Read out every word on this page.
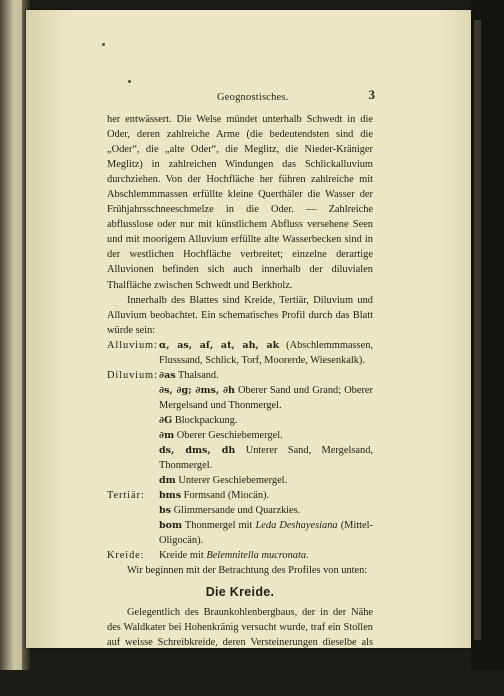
Geognostisches.	3

her entwässert. Die Welse mündet unterhalb Schwedt in die Oder, deren zahlreiche Arme (die bedeutendsten sind die „Oder“, die „alte Oder“, die Meglitz, die Nieder-Kräniger Meglitz) in zahlreichen Windungen das Schlickalluvium durchziehen. Von der Hochfläche her führen zahlreiche mit Abschlemmmassen erfüllte kleine Querthäler die Wasser der Frühjahrsschneeschmelze in die Oder. — Zahlreiche abflusslose oder nur mit künstlichem Abfluss versehene Seen und mit moorigem Alluvium erfüllte alte Wasserbecken sind in der westlichen Hochfläche verbreitet; einzelne derartige Alluvionen befinden sich auch innerhalb der diluvialen Thalfläche zwischen Schwedt und Berkholz.

Innerhalb des Blattes sind Kreide, Tertiär, Diluvium und Alluvium beobachtet. Ein schematisches Profil durch das Blatt würde sein:

Alluvium: α, as, aſ, at, ah, ak (Abschlemmmassen, Flusssand, Schlick, Torf, Moorerde, Wiesenkalk).
Diluvium: ∂as Thalsand.
∂s, ∂g; ∂ms, ∂h Oberer Sand und Grand; Oberer Mergelsand und Thonmergel.
∂G Blockpackung.
∂m Oberer Geschiebemergel.
ds, dms, dh Unterer Sand, Mergelsand, Thonmergel.
dm Unterer Geschiebemergel.
Tertiär:	bms Formsand (Miocän).
bs Glimmersande und Quarzkies.
bom Thonmergel mit Leda Deshayesiana (Mittel-Oligocän).
Kreide:	Kreide mit Belemnitella mucronata.

Wir beginnen mit der Betrachtung des Profiles von unten:

Die Kreide.

Gelegentlich des Braunkohlenbergbaus, der in der Nähe des Waldkater bei Hohenkränig versucht wurde, traf ein Stollen auf weisse Schreibkreide, deren Versteinerungen dieselbe als zum Mucronaten-Senon gehörig kennzeichneten. Reste derselben liegen

1*
